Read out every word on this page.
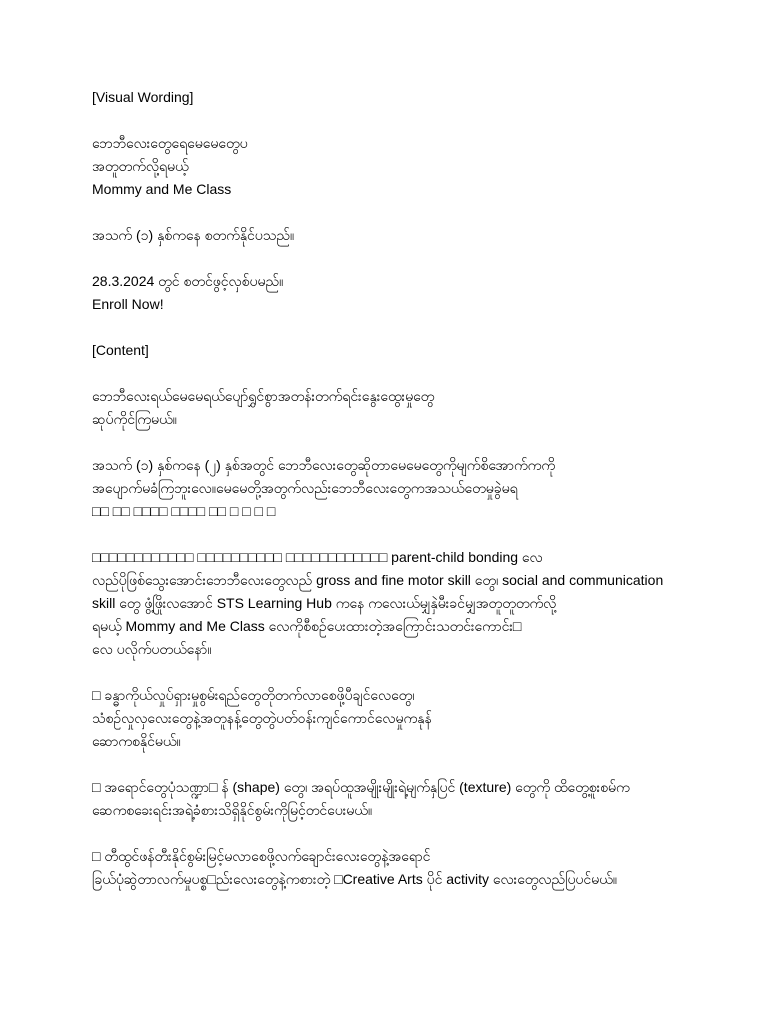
[Visual Wording]
ဘေဘီလေးတွေရေမေမေတွေပ
အတူတက်လို့ရမယ့်
Mommy and Me Class
အသက် (၁) နှစ်ကနေ စတက်နိုင်ပသည်။
28.3.2024 တွင် စတင်ဖွင့်လှစ်ပမည်။
Enroll Now!
[Content]
ဘေဘီလေးရယ်မေမေရယ်ပျော်ရွှင်စွာအတန်းတက်ရင်းနွေးထွေးမှုတွေ
ဆုပ်ကိုင်ကြမယ်။
အသက် (၁) နှစ်ကနေ (၂) နှစ်အတွင် ဘေဘီလေးတွေဆိုတာမေမေတွေကိုမျက်စိအောက်ကကို
အပျောက်မခံကြဘူးလေ။မေမေတို့အတွက်လည်းဘေဘီလေးတွေကအသယ်တေမှုခွဲမရ
□□ □□ □□□□ □□□□ □□ □ □ □ □
□□□□□□□□□□□□ □□□□□□□□□□ □□□□□□□□□□□□ parent-child bonding လေ
လည်ပိုဖြစ်သွေးအောင်းဘေဘီလေးတွေလည် gross and fine motor skill တွေ၊ social and communication
skill တွေ ဖွံ့ဖြိုးလအောင် STS Learning Hub ကနေ ကလေးယ်မျှနှဲမီးခင်မျှအတူတူတက်လို့
ရမယ့် Mommy and Me Class လေကိုစီစဉ်ပေးထားတဲ့အကြောင်းသတင်းကောင်း□
လေ ပလိုက်ပတယ်နော်။
□ ခန္ဓာကိုယ်လှုပ်ရှားမှုစွမ်းရည်တွေတိုတက်လာစေဖို့ပီချင်လေတွေ၊
သံစဉ်လှုလှလေးတွေနဲ့အတူနန့်တွေတွဲပတ်ဝန်းကျင်ကောင်လေမှုကနုန်
ဆောကစနိုင်မယ်။
□ အရောင်တွေပုံသဏ္ဍာ□ န် (shape) တွေ၊ အရပ်ထူအမျိုးမျိုးရဲ့မျက်နှပြင် (texture) တွေကို ထိတွေ့စူးစမ်က
ဆေကစခေးရင်းအရဲ့ခံစားသိရှိနိုင်စွမ်းကိုမြင့်တင်ပေးမယ်။
□ တီထွင်ဖန်တီးနိုင်စွမ်းမြင့်မလာစေဖို့လက်ချောင်းလေးတွေနဲ့အရောင်
ခြယ်ပုံဆွဲတာလက်မှုပစ္စ□ည်းလေးတွေနဲ့ကစားတဲ့ □Creative Arts ပိုင် activity လေးတွေလည်ပြပင်မယ်။
